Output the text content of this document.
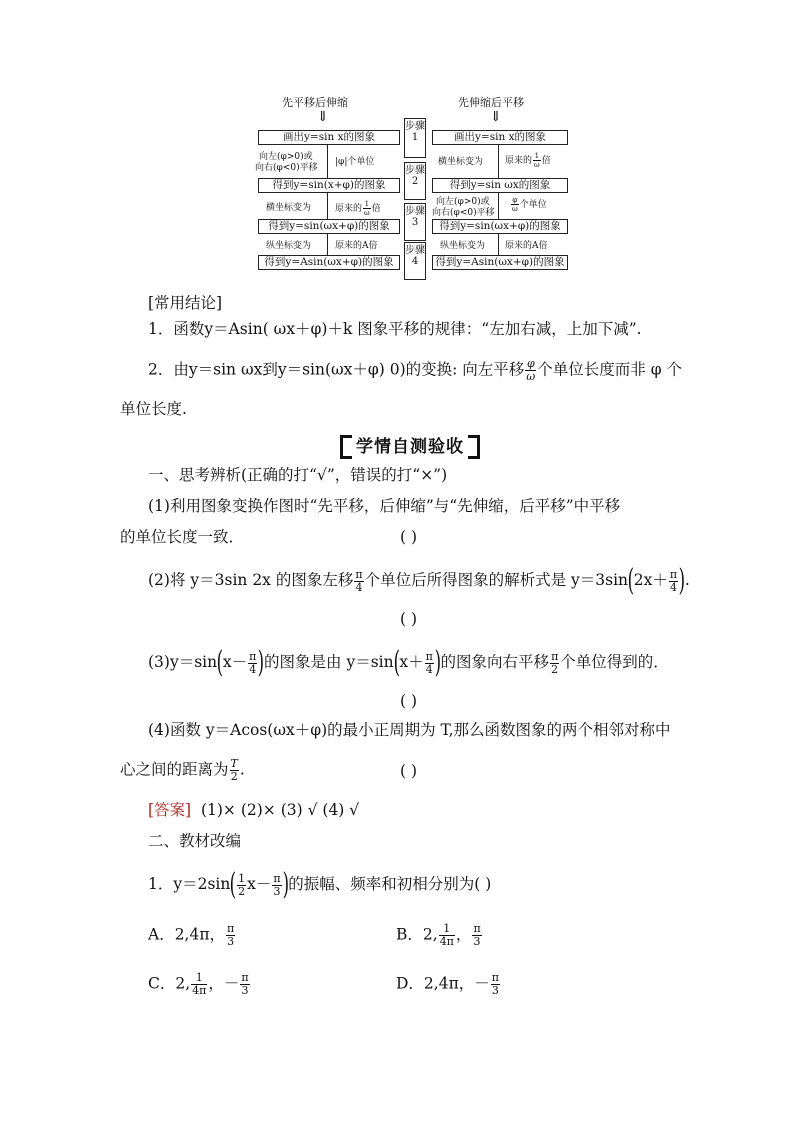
先平移后伸缩	先伸缩后平移
⇓	⇓
画出y=sin x的图象
得到y=sin(x+φ)的图象
得到y=sin(ωx+φ)的图象
得到y=Asin(ωx+φ)的图象
画出y=sin x的图象
得到y=sin ωx的图象
得到y=sin(ωx+φ)的图象
得到y=Asin(ωx+φ)的图象
步骤1
步骤2
步骤3
步骤4
向左(φ>0)或
向右(φ<0)平移
|φ|个单位
横坐标变为	原来的 $\frac{1}{\omega}$ 倍
纵坐标变为	原来的A倍
横坐标变为 原来的 $\frac{1}{\omega}$ 倍
向左(φ>0)或
向右(φ<0)平移 $\frac{\varphi}{\omega}$ 个单位
纵坐标变为 原来的A倍
[常用结论]
1．函数y＝Asin( ωx＋φ)＋k 图象平移的规律：“左加右减，上加下减”.
2．由y＝sin ωx到y＝sin(ωx＋φ) 0)的变换: 向左平移 $\frac{\varphi}{\omega}$ 个单位长度而非 φ 个
单位长度.
学情自测验收
一、思考辨析(正确的打“√”，错误的打“×”)
(1)利用图象变换作图时“先平移，后伸缩”与“先伸缩，后平移”中平移
的单位长度一致．	( )
(2)将 y＝3sin 2x 的图象左移 $\frac{\pi}{4}$ 个单位后所得图象的解析式是 $y=3\sin(2x+ \frac{\pi}{4}$ ).
( )
$(3)y=\sin(x- \frac{\pi}{4}$ )的图象是由 $y=\sin(x+ \frac{\pi}{4}$ )的图象向右平移 $\frac{\pi}{2}$ 个单位得到的．
( )
(4)函数 y＝Acos(ωx＋φ)的最小正周期为 T,那么函数图象的两个相邻对称中
心之间的距离为 $\frac{T}{2}$ .	( )
[答案] (1)× (2)× (3) √ (4) √
二、教材改编
1．$y=2\sin( \frac{1}{2} x- \frac{\pi}{3}$ )的振幅、频率和初相分别为( )
A．2,4π， $\frac{\pi}{3}$	B．2, $\frac{1}{4\pi}$ ， $\frac{\pi}{3}$
C．2, $\frac{1}{4\pi}$ ，－ $\frac{\pi}{3}$	D．2,4π，－ $\frac{\pi}{3}$
